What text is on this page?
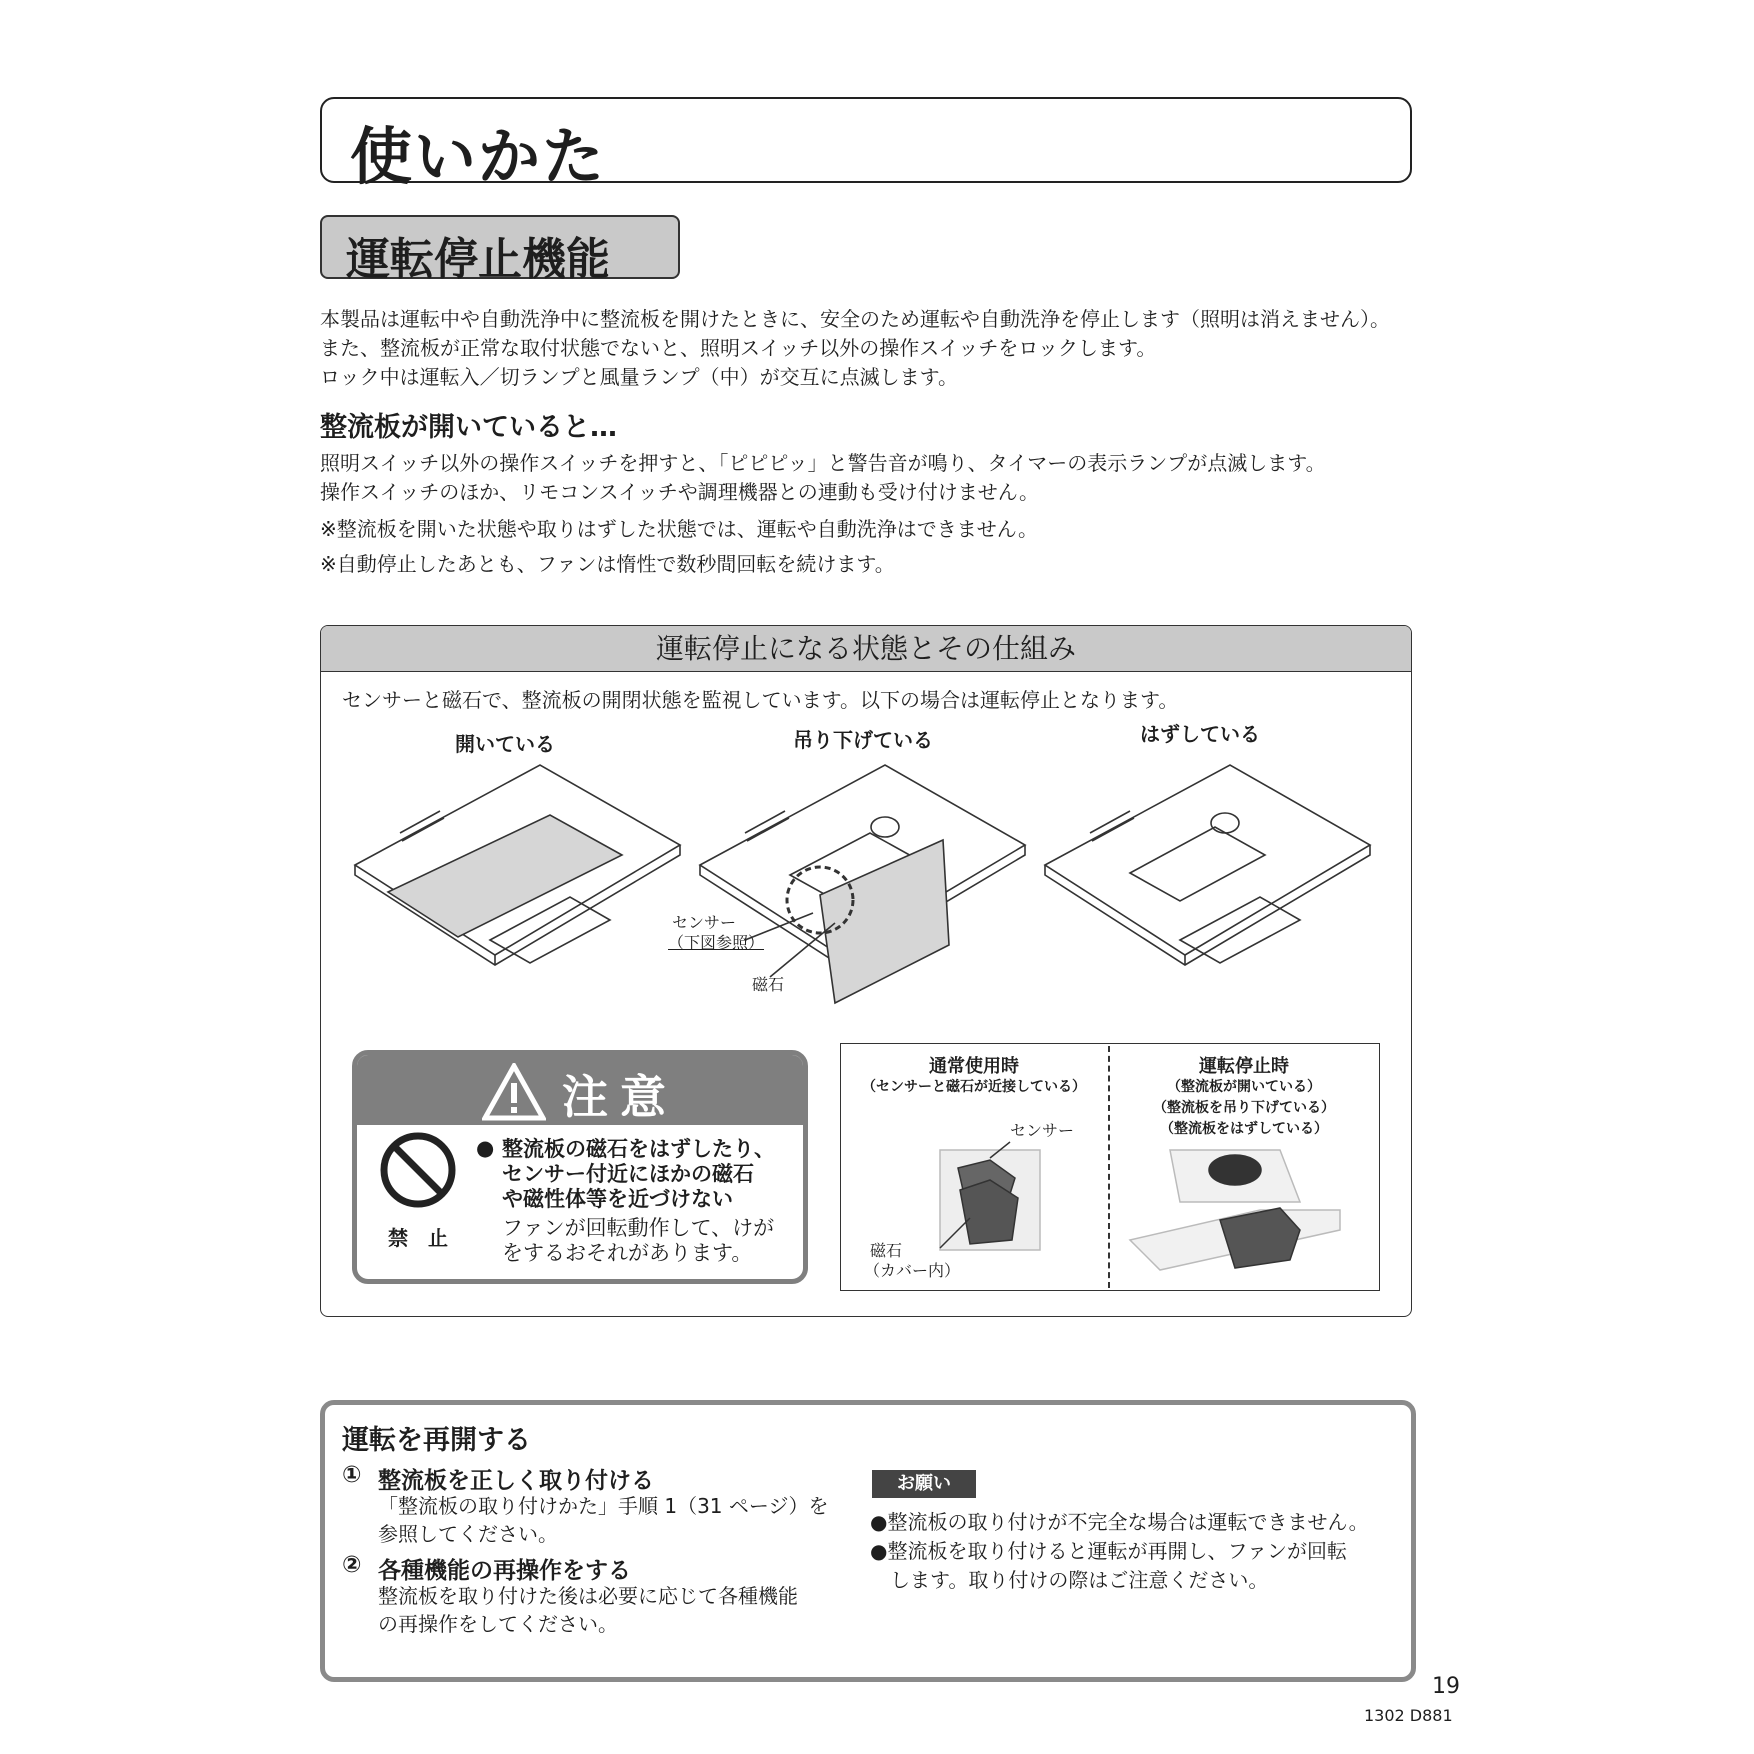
使いかた
運転停止機能
本製品は運転中や自動洗浄中に整流板を開けたときに、安全のため運転や自動洗浄を停止します（照明は消えません）。
また、整流板が正常な取付状態でないと、照明スイッチ以外の操作スイッチをロックします。
ロック中は運転入／切ランプと風量ランプ（中）が交互に点滅します。
整流板が開いていると…
照明スイッチ以外の操作スイッチを押すと、「ピピピッ」と警告音が鳴り、タイマーの表示ランプが点滅します。
操作スイッチのほか、リモコンスイッチや調理機器との連動も受け付けません。
※整流板を開いた状態や取りはずした状態では、運転や自動洗浄はできません。
※自動停止したあとも、ファンは惰性で数秒間回転を続けます。
運転停止になる状態とその仕組み
センサーと磁石で、整流板の開閉状態を監視しています。以下の場合は運転停止となります。
開いている	吊り下げている	はずしている
センサー
（下図参照）
磁石
注意
禁　止
● 整流板の磁石をはずしたり、
センサー付近にほかの磁石
や磁性体等を近づけない
ファンが回転動作して、けが
をするおそれがあります。
通常使用時
（センサーと磁石が近接している）
運転停止時
（整流板が開いている）
（整流板を吊り下げている）
（整流板をはずしている）
センサー
磁石
（カバー内）
運転を再開する
① 整流板を正しく取り付ける
「整流板の取り付けかた」手順 1（31 ページ）を
参照してください。
② 各種機能の再操作をする
整流板を取り付けた後は必要に応じて各種機能
の再操作をしてください。
お願い
●整流板の取り付けが不完全な場合は運転できません。
●整流板を取り付けると運転が再開し、ファンが回転
　します。取り付けの際はご注意ください。
19
1302 D881
